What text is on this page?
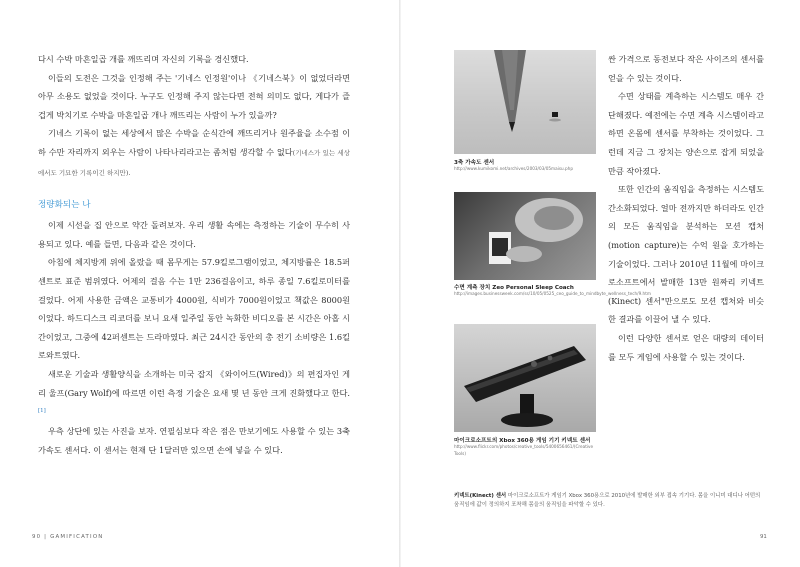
다시 수박 마흔일곱 개를 깨뜨리며 자신의 기록을 경신했다.

이들의 도전은 그것을 인정해 주는 '기네스 인정원'이나 《기네스북》이 없었더라면 아무 소용도 없었을 것이다. 누구도 인정해 주지 않는다면 전혀 의미도 없다, 게다가 즐겁게 박치기로 수박을 마흔일곱 개나 깨뜨리는 사람이 누가 있을까?

기네스 기록이 없는 세상에서 많은 수박을 순식간에 깨뜨리거나 원주율을 소수점 이하 수만 자리까지 외우는 사람이 나타나리라고는 좀처럼 생각할 수 없다(기네스가 있는 세상에서도 기묘한 기록이긴 하지만).

정량화되는 나

이제 시선을 집 안으로 약간 돌려보자. 우리 생활 속에는 측정하는 기술이 무수히 사용되고 있다. 예를 들면, 다음과 같은 것이다.

아침에 체지방계 위에 올랐을 때 몸무게는 57.9킬로그램이었고, 체지방률은 18.5퍼센트로 표준 범위였다. 어제의 걸음 수는 1만 236걸음이고, 하루 종일 7.6킬로미터를 걸었다. 어제 사용한 금액은 교통비가 4000원, 식비가 7000원이었고 책값은 8000원이었다. 하드디스크 리코더를 보니 요새 일주일 동안 녹화한 비디오를 본 시간은 아홉 시간이었고, 그중에 42퍼센트는 드라마였다. 최근 24시간 동안의 총 전기 소비량은 1.6킬로와트였다.

새로운 기술과 생활양식을 소개하는 미국 잡지 《와이어드(Wired)》의 편집자인 게리 울프(Gary Wolf)에 따르면 이런 측정 기술은 요새 몇 년 동안 크게 진화했다고 한다.[1]

우측 상단에 있는 사진을 보자. 연필심보다 작은 점은 만보기에도 사용할 수 있는 3축 가속도 센서다. 이 센서는 현재 단 1달러만 있으면 손에 넣을 수 있다.

3축 가속도 센서
http://www.kumikomi.net/archives/2003/03/05maisu.php
수면 계측 장치 Zeo Personal Sleep Coach
http://images.businessweek.com/ss/10/05/0525_ceo_guide_to_mindbyte_wellness_tech/9.htm
마이크로소프트의 Xbox 360용 게임 기기 키넥트 센서
http://www.flickr.com/photos/creative_tools/5400656461/(Creative Tools)

싼 가격으로 동전보다 작은 사이즈의 센서를 얻을 수 있는 것이다.

수면 상태를 계측하는 시스템도 매우 간단해졌다. 예전에는 수면 계측 시스템이라고 하면 온몸에 센서를 부착하는 것이었다. 그런데 지금 그 장치는 양손으로 잡게 되었을 만큼 작아졌다.

또한 인간의 움직임을 측정하는 시스템도 간소화되었다. 얼마 전까지만 하더라도 인간의 모든 움직임을 분석하는 모션 캡처(motion capture)는 수억 원을 호가하는 기술이었다. 그러나 2010년 11월에 마이크로소프트에서 발매한 13만 원짜리 키넥트(Kinect) 센서"만으로도 모션 캡처와 비슷한 결과를 이끌어 낼 수 있다.

이런 다양한 센서로 얻은 대량의 데이터를 모두 게임에 사용할 수 있는 것이다.

키넥트(Kinect) 센서 마이크로소프트가 게임기 Xbox 360용으로 2010년에 발매한 외부 접속 기기다. 몸을 이니미 대디나 어떤의 움직임에 값이 정의하지 포착해 몸을의 움직임을 파악할 수 있다.
90 | GAMIFICATION	91
